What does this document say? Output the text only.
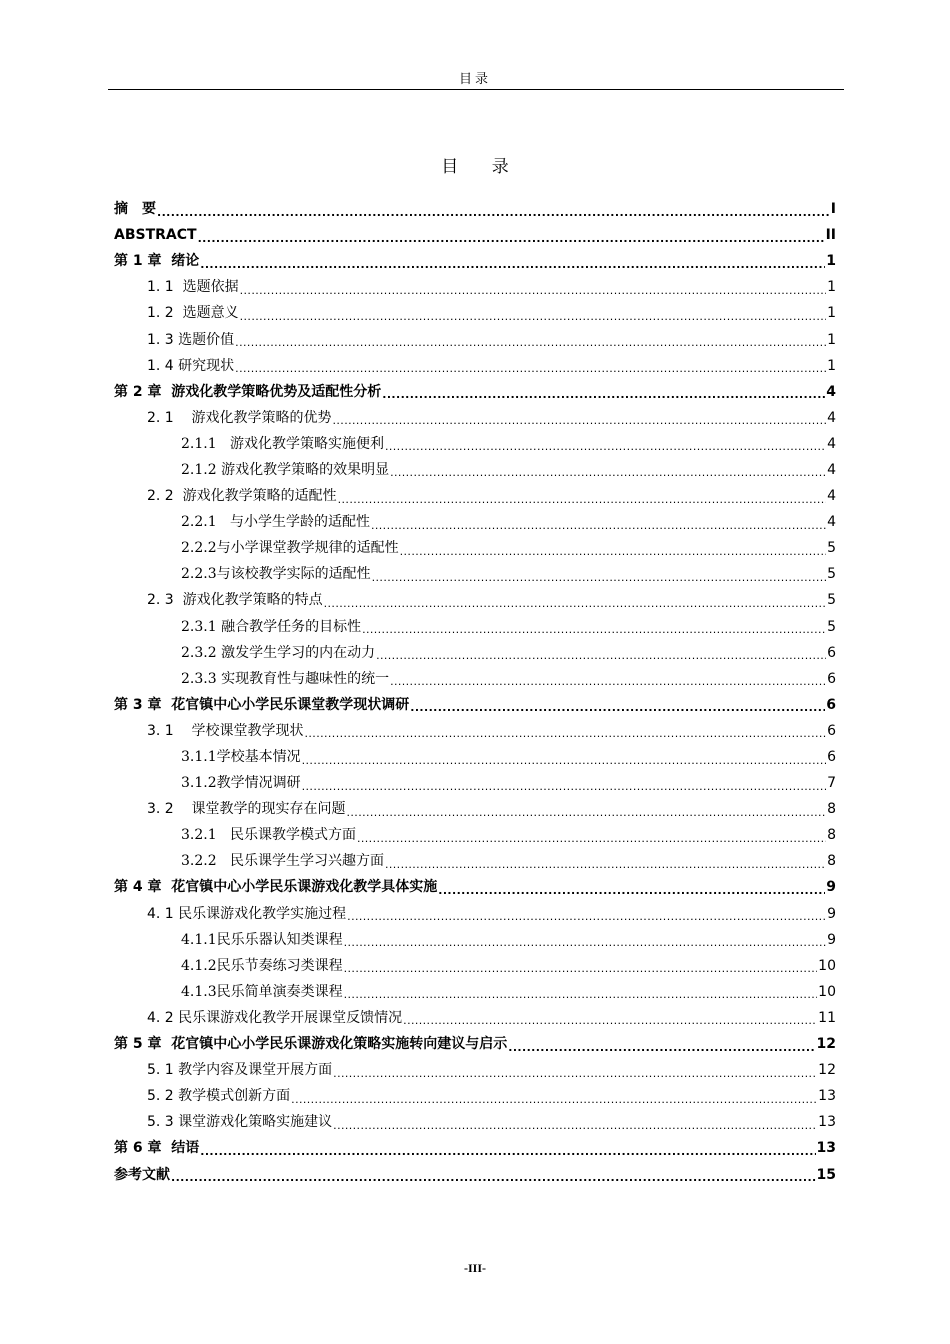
目录
目 录
摘　要 .....	I
ABSTRACT .....	II
第 1 章  绪论 .....	1
1. 1  选题依据 .....	1
1. 2  选题意义 .....	1
1. 3 选题价值 .....	1
1. 4 研究现状 .....	1
第 2 章  游戏化教学策略优势及适配性分析 .....	4
2. 1    游戏化教学策略的优势 .....	4
2.1.1   游戏化教学策略实施便利 .....	4
2.1.2 游戏化教学策略的效果明显 .....	4
2. 2  游戏化教学策略的适配性 .....	4
2.2.1   与小学生学龄的适配性 .....	4
2.2.2与小学课堂教学规律的适配性 .....	5
2.2.3与该校教学实际的适配性 .....	5
2. 3  游戏化教学策略的特点 .....	5
2.3.1 融合教学任务的目标性 .....	5
2.3.2 激发学生学习的内在动力 .....	6
2.3.3 实现教育性与趣味性的统一 .....	6
第 3 章  花官镇中心小学民乐课堂教学现状调研 .....	6
3. 1    学校课堂教学现状 .....	6
3.1.1学校基本情况 .....	6
3.1.2教学情况调研 .....	7
3. 2    课堂教学的现实存在问题 .....	8
3.2.1   民乐课教学模式方面 .....	8
3.2.2   民乐课学生学习兴趣方面 .....	8
第 4 章  花官镇中心小学民乐课游戏化教学具体实施 .....	9
4. 1 民乐课游戏化教学实施过程 .....	9
4.1.1民乐乐器认知类课程 .....	9
4.1.2民乐节奏练习类课程 .....	10
4.1.3民乐简单演奏类课程 .....	10
4. 2 民乐课游戏化教学开展课堂反馈情况 .....	11
第 5 章  花官镇中心小学民乐课游戏化策略实施转向建议与启示 .....	12
5. 1 教学内容及课堂开展方面 .....	12
5. 2 教学模式创新方面 .....	13
5. 3 课堂游戏化策略实施建议 .....	13
第 6 章  结语 .....	13
参考文献 .....	15
-III-
